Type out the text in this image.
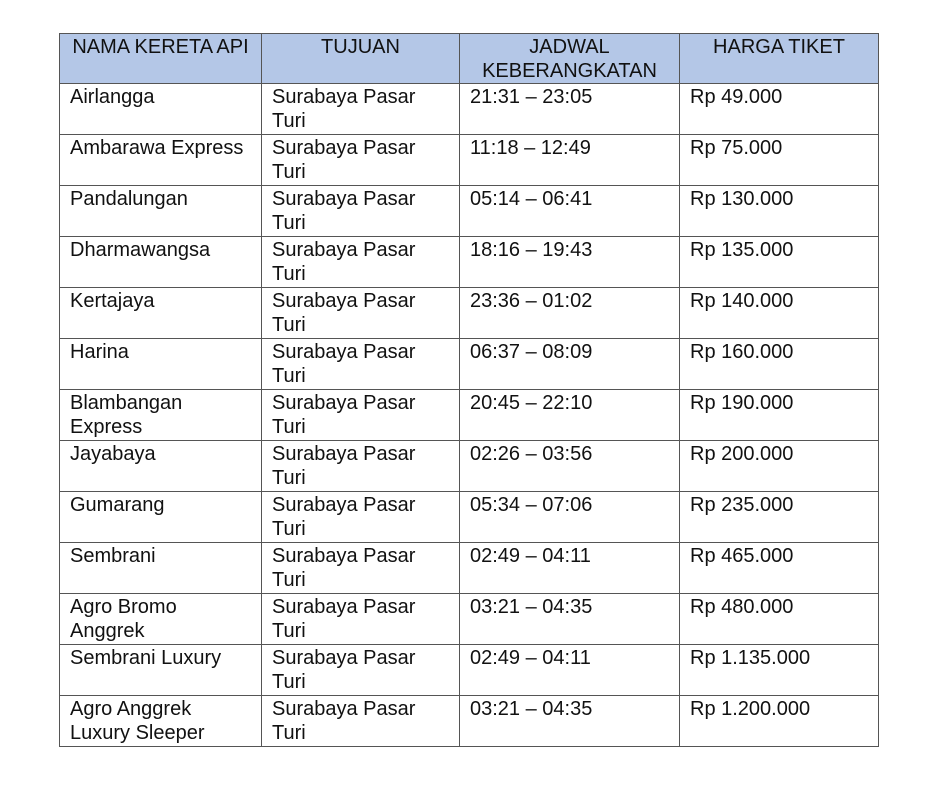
NAMA KERETA API	TUJUAN	JADWAL KEBERANGKATAN	HARGA TIKET
Airlangga	Surabaya Pasar Turi	21:31 – 23:05	Rp 49.000
Ambarawa Express	Surabaya Pasar Turi	11:18 – 12:49	Rp 75.000
Pandalungan	Surabaya Pasar Turi	05:14 – 06:41	Rp 130.000
Dharmawangsa	Surabaya Pasar Turi	18:16 – 19:43	Rp 135.000
Kertajaya	Surabaya Pasar Turi	23:36 – 01:02	Rp 140.000
Harina	Surabaya Pasar Turi	06:37 – 08:09	Rp 160.000
Blambangan Express	Surabaya Pasar Turi	20:45 – 22:10	Rp 190.000
Jayabaya	Surabaya Pasar Turi	02:26 – 03:56	Rp 200.000
Gumarang	Surabaya Pasar Turi	05:34 – 07:06	Rp 235.000
Sembrani	Surabaya Pasar Turi	02:49 – 04:11	Rp 465.000
Agro Bromo Anggrek	Surabaya Pasar Turi	03:21 – 04:35	Rp 480.000
Sembrani Luxury	Surabaya Pasar Turi	02:49 – 04:11	Rp 1.135.000
Agro Anggrek Luxury Sleeper	Surabaya Pasar Turi	03:21 – 04:35	Rp 1.200.000
